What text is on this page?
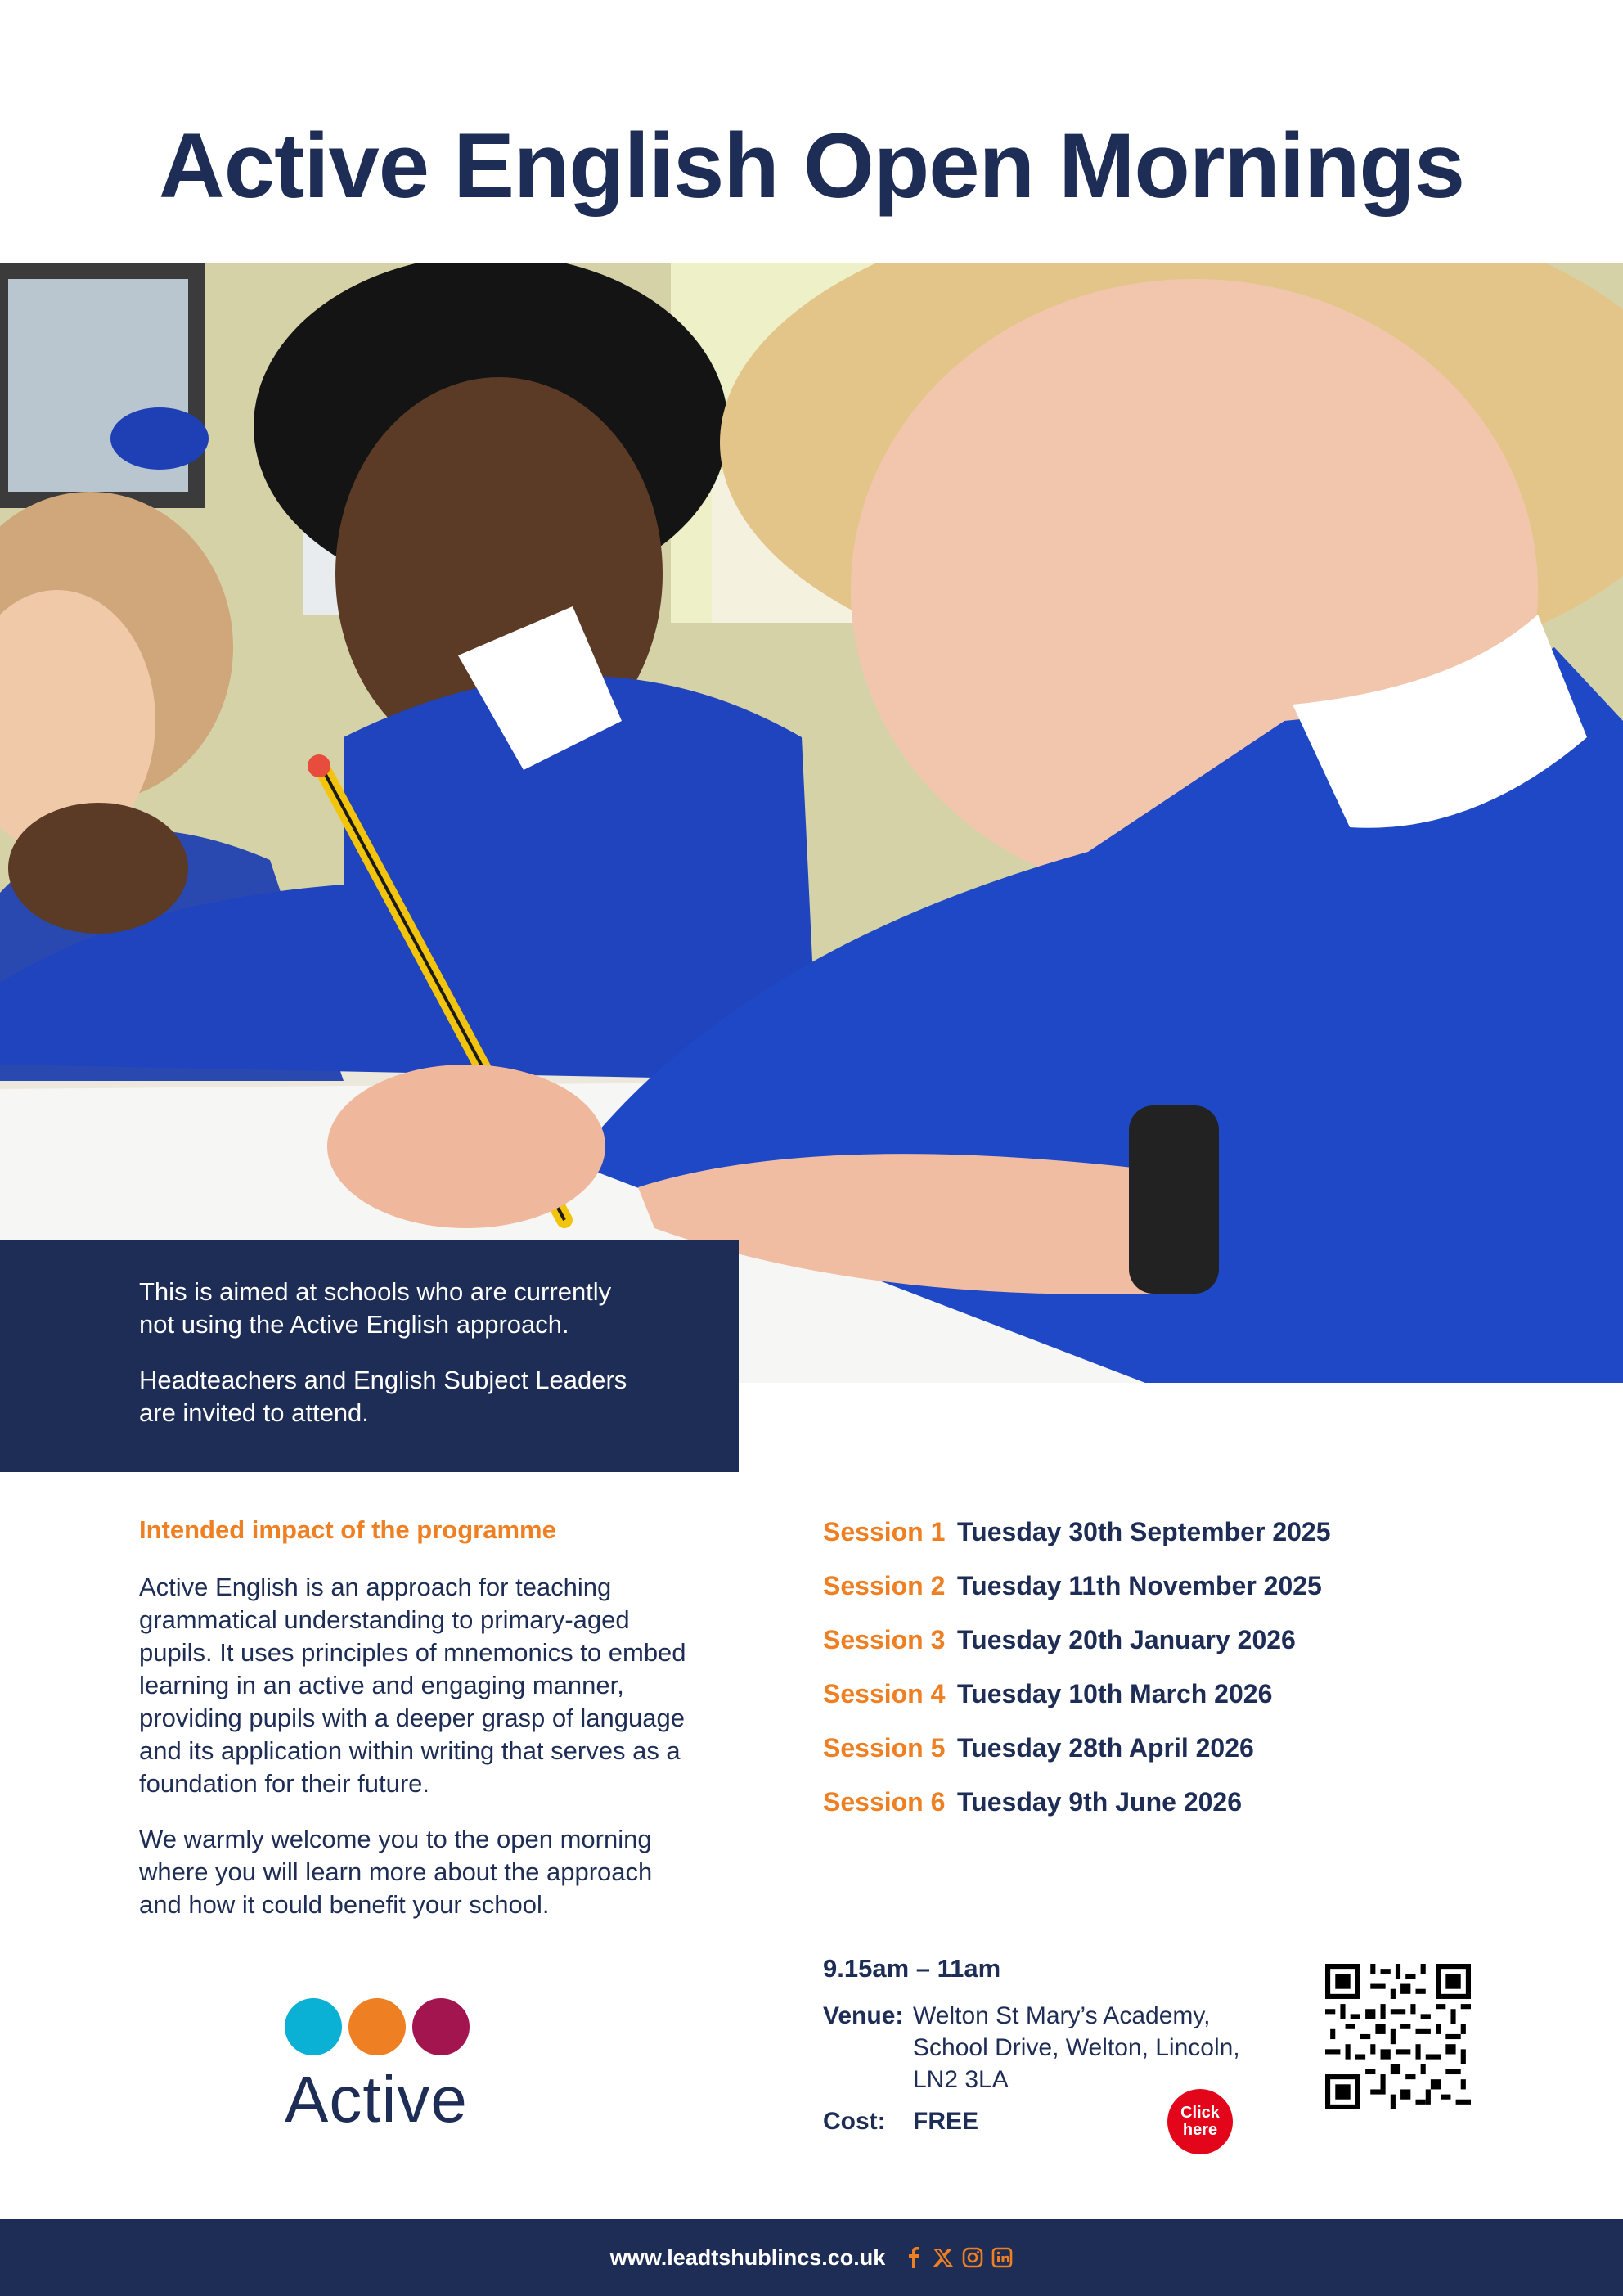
Active English Open Mornings

This is aimed at schools who are currently not using the Active English approach.

Headteachers and English Subject Leaders are invited to attend.

Intended impact of the programme

Active English is an approach for teaching grammatical understanding to primary-aged pupils. It uses principles of mnemonics to embed learning in an active and engaging manner, providing pupils with a deeper grasp of language and its application within writing that serves as a foundation for their future.

We warmly welcome you to the open morning where you will learn more about the approach and how it could benefit your school.

Active
Session 1 Tuesday 30th September 2025
Session 2 Tuesday 11th November 2025
Session 3 Tuesday 20th January 2026
Session 4 Tuesday 10th March 2026
Session 5 Tuesday 28th April 2026
Session 6 Tuesday 9th June 2026
9.15am – 11am
Venue: Welton St Mary’s Academy, School Drive, Welton, Lincoln, LN2 3LA
Cost:	FREE	Click here
www.leadtshublincs.co.uk
